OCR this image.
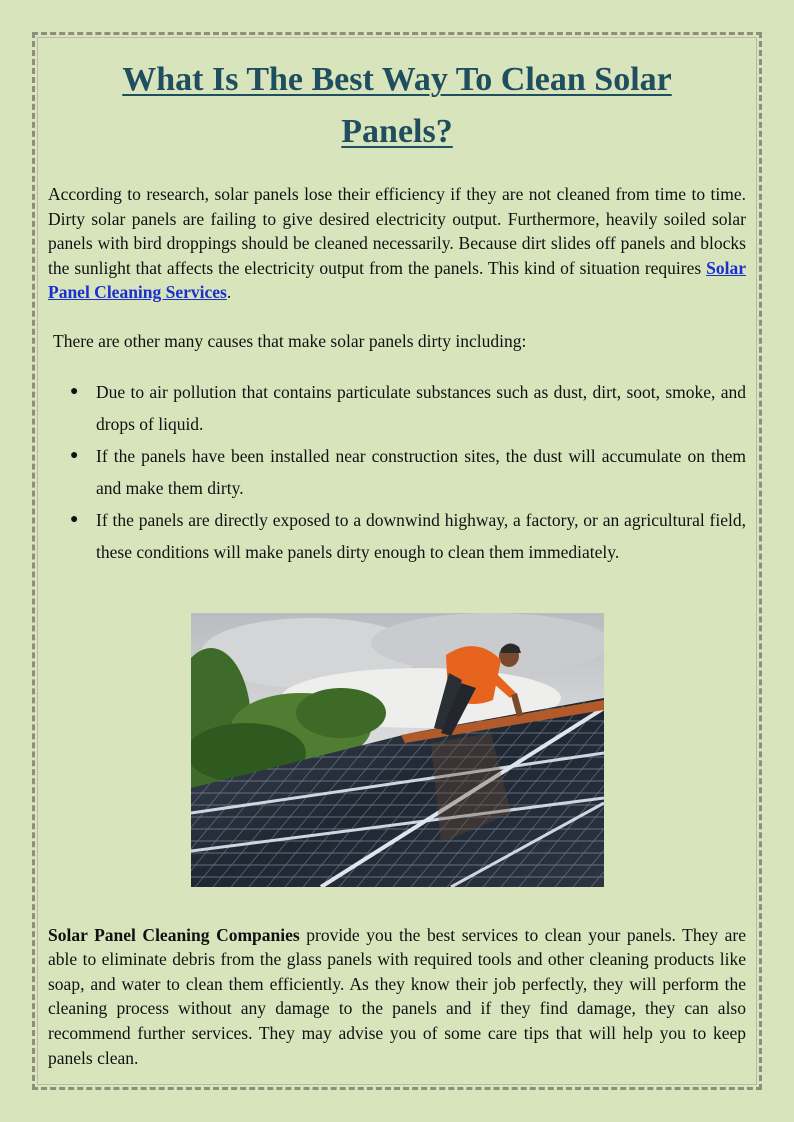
What Is The Best Way To Clean Solar
Panels?

According to research, solar panels lose their efficiency if they are not cleaned from time to time. Dirty solar panels are failing to give desired electricity output. Furthermore, heavily soiled solar panels with bird droppings should be cleaned necessarily. Because dirt slides off panels and blocks the sunlight that affects the electricity output from the panels. This kind of situation requires Solar Panel Cleaning Services.

There are other many causes that make solar panels dirty including:

● Due to air pollution that contains particulate substances such as dust, dirt, soot, smoke, and drops of liquid.
● If the panels have been installed near construction sites, the dust will accumulate on them and make them dirty.
● If the panels are directly exposed to a downwind highway, a factory, or an agricultural field, these conditions will make panels dirty enough to clean them immediately.

Solar Panel Cleaning Companies provide you the best services to clean your panels. They are able to eliminate debris from the glass panels with required tools and other cleaning products like soap, and water to clean them efficiently. As they know their job perfectly, they will perform the cleaning process without any damage to the panels and if they find damage, they can also recommend further services. They may advise you of some care tips that will help you to keep panels clean.
